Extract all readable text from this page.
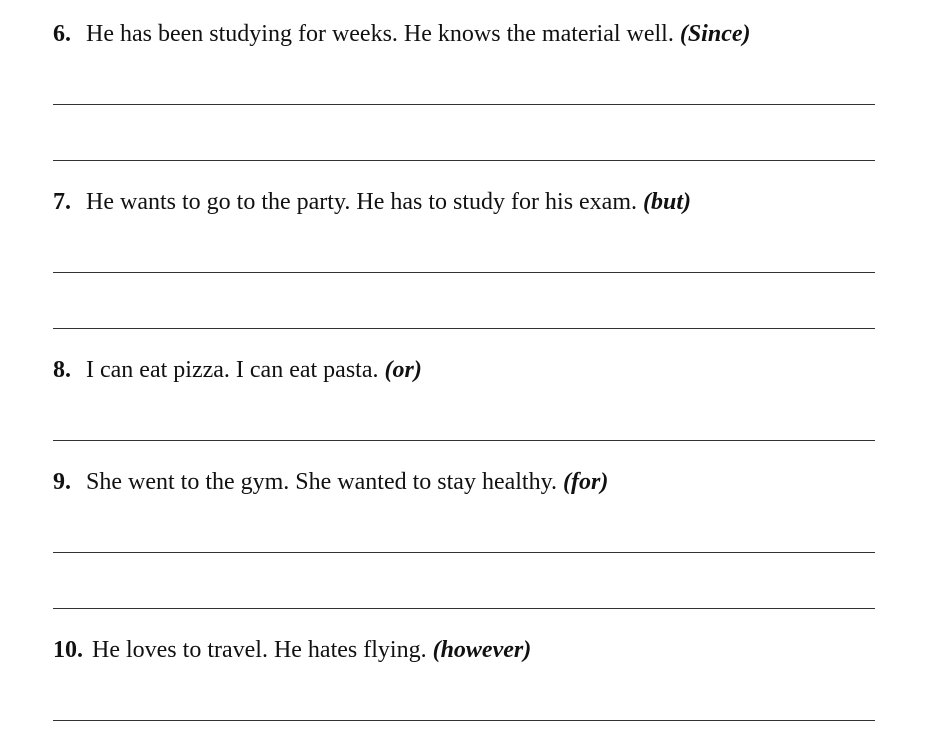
6. He has been studying for weeks. He knows the material well. (Since)
7. He wants to go to the party. He has to study for his exam. (but)
8. I can eat pizza. I can eat pasta. (or)
9. She went to the gym. She wanted to stay healthy. (for)
10. He loves to travel. He hates flying. (however)
